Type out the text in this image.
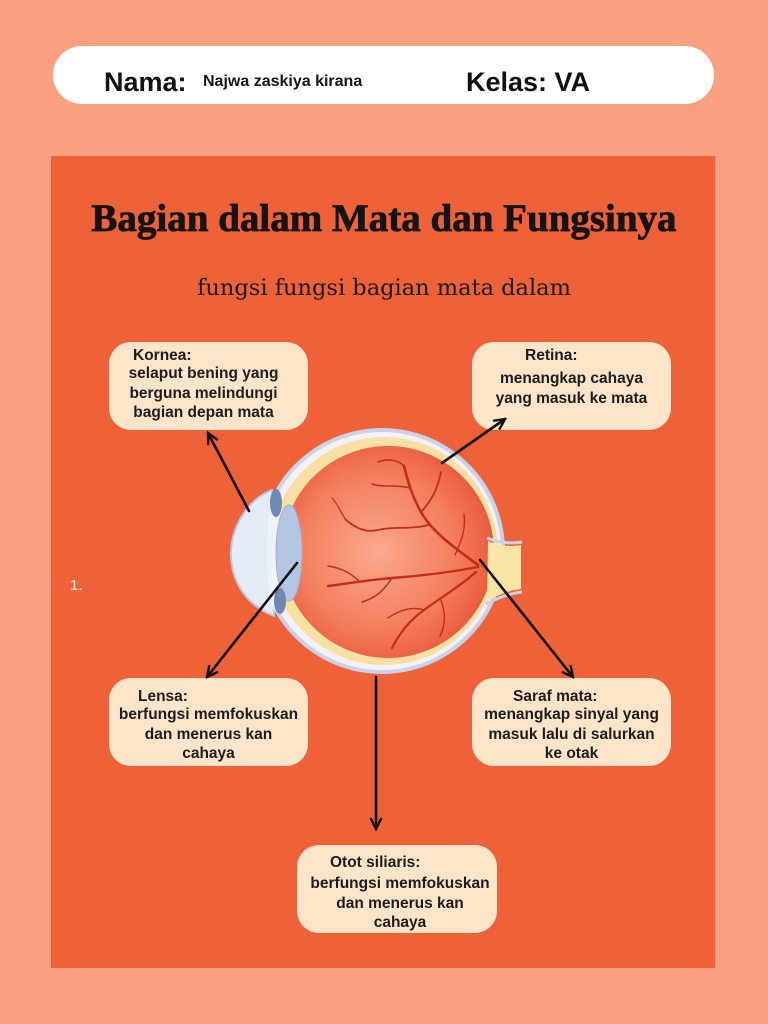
Nama: Najwa zaskiya kirana	Kelas: VA
Bagian dalam Mata dan Fungsinya
fungsi fungsi bagian mata dalam
1.
Kornea:
selaput bening yang
berguna melindungi
bagian depan mata
Retina:
menangkap cahaya
yang masuk ke mata
Lensa:
berfungsi memfokuskan
dan menerus kan
cahaya
Saraf mata:
menangkap sinyal yang
masuk lalu di salurkan
ke otak
Otot siliaris:
berfungsi memfokuskan
dan menerus kan
cahaya
